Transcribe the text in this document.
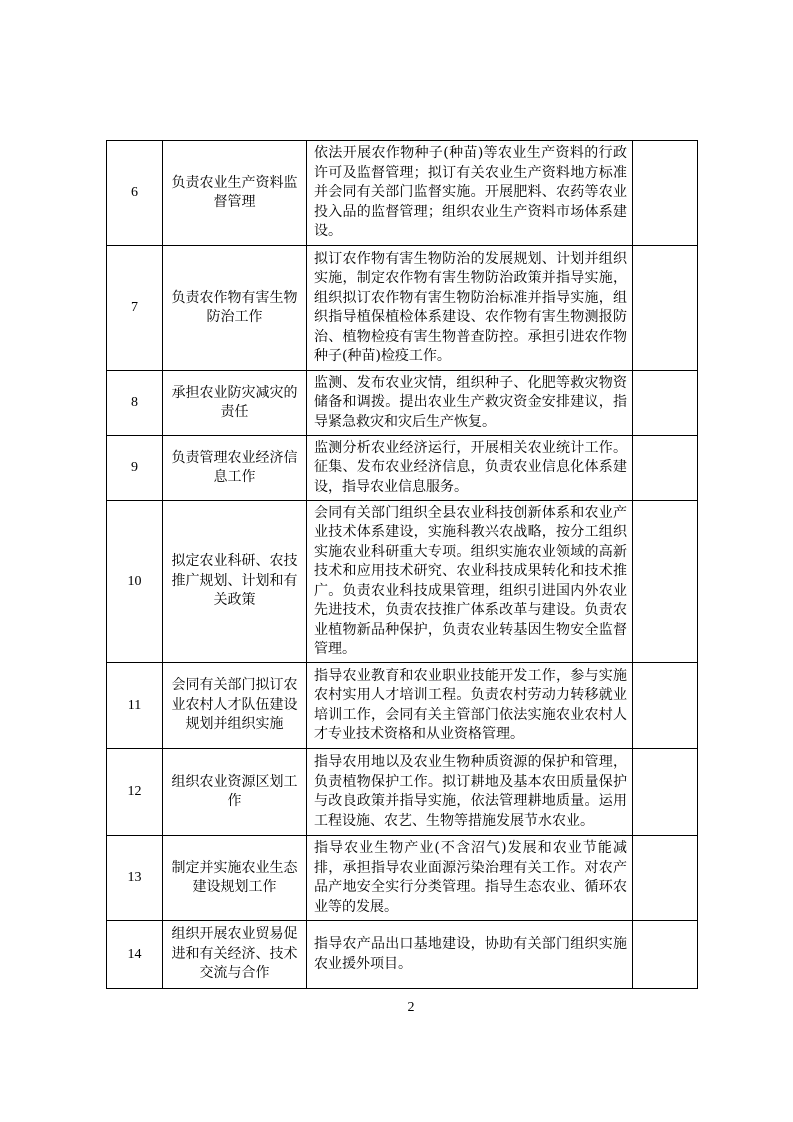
6	负责农业生产资料监督管理	依法开展农作物种子(种苗)等农业生产资料的行政许可及监督管理；拟订有关农业生产资料地方标准并会同有关部门监督实施。开展肥料、农药等农业投入品的监督管理；组织农业生产资料市场体系建设。	
7	负责农作物有害生物防治工作	拟订农作物有害生物防治的发展规划、计划并组织实施，制定农作物有害生物防治政策并指导实施，组织拟订农作物有害生物防治标准并指导实施，组织指导植保植检体系建设、农作物有害生物测报防治、植物检疫有害生物普查防控。承担引进农作物种子(种苗)检疫工作。	
8	承担农业防灾减灾的责任	监测、发布农业灾情，组织种子、化肥等救灾物资储备和调拨。提出农业生产救灾资金安排建议，指导紧急救灾和灾后生产恢复。	
9	负责管理农业经济信息工作	监测分析农业经济运行，开展相关农业统计工作。征集、发布农业经济信息，负责农业信息化体系建设，指导农业信息服务。	
10	拟定农业科研、农技推广规划、计划和有关政策	会同有关部门组织全县农业科技创新体系和农业产业技术体系建设，实施科教兴农战略，按分工组织实施农业科研重大专项。组织实施农业领域的高新技术和应用技术研究、农业科技成果转化和技术推广。负责农业科技成果管理，组织引进国内外农业先进技术，负责农技推广体系改革与建设。负责农业植物新品种保护，负责农业转基因生物安全监督管理。	
11	会同有关部门拟订农业农村人才队伍建设规划并组织实施	指导农业教育和农业职业技能开发工作，参与实施农村实用人才培训工程。负责农村劳动力转移就业培训工作，会同有关主管部门依法实施农业农村人才专业技术资格和从业资格管理。	
12	组织农业资源区划工作	指导农用地以及农业生物种质资源的保护和管理，负责植物保护工作。拟订耕地及基本农田质量保护与改良政策并指导实施，依法管理耕地质量。运用工程设施、农艺、生物等措施发展节水农业。	
13	制定并实施农业生态建设规划工作	指导农业生物产业(不含沼气)发展和农业节能减排，承担指导农业面源污染治理有关工作。对农产品产地安全实行分类管理。指导生态农业、循环农业等的发展。	
14	组织开展农业贸易促进和有关经济、技术交流与合作	指导农产品出口基地建设，协助有关部门组织实施农业援外项目。	
2
